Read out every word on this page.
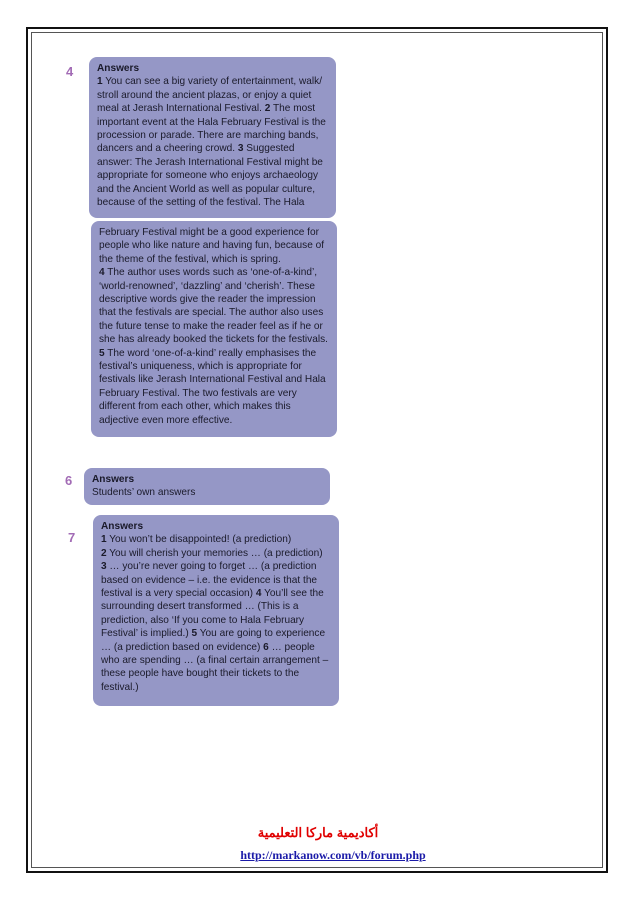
4 Answers

1 You can see a big variety of entertainment, walk/ stroll around the ancient plazas, or enjoy a quiet meal at Jerash International Festival. 2 The most important event at the Hala February Festival is the procession or parade. There are marching bands, dancers and a cheering crowd. 3 Suggested answer: The Jerash International Festival might be appropriate for someone who enjoys archaeology and the Ancient World as well as popular culture, because of the setting of the festival. The Hala

February Festival might be a good experience for people who like nature and having fun, because of the theme of the festival, which is spring.

4 The author uses words such as ‘one-of-a-kind’, ‘world-renowned’, ‘dazzling’ and ‘cherish’. These descriptive words give the reader the impression that the festivals are special. The author also uses the future tense to make the reader feel as if he or she has already booked the tickets for the festivals.

5 The word ‘one-of-a-kind’ really emphasises the festival’s uniqueness, which is appropriate for festivals like Jerash International Festival and Hala February Festival. The two festivals are very different from each other, which makes this adjective even more effective.

6 Answers

Students’ own answers

7
Answers

1 You won’t be disappointed! (a prediction)

2 You will cherish your memories … (a prediction)

3 … you’re never going to forget … (a prediction based on evidence – i.e. the evidence is that the festival is a very special occasion) 4 You’ll see the surrounding desert transformed … (This is a prediction, also ‘If you come to Hala February Festival’ is implied.) 5 You are going to experience … (a prediction based on evidence) 6 … people who are spending … (a final certain arrangement – these people have bought their tickets to the festival.)

أكاديمية ماركا التعليمية
http://markanow.com/vb/forum.php
